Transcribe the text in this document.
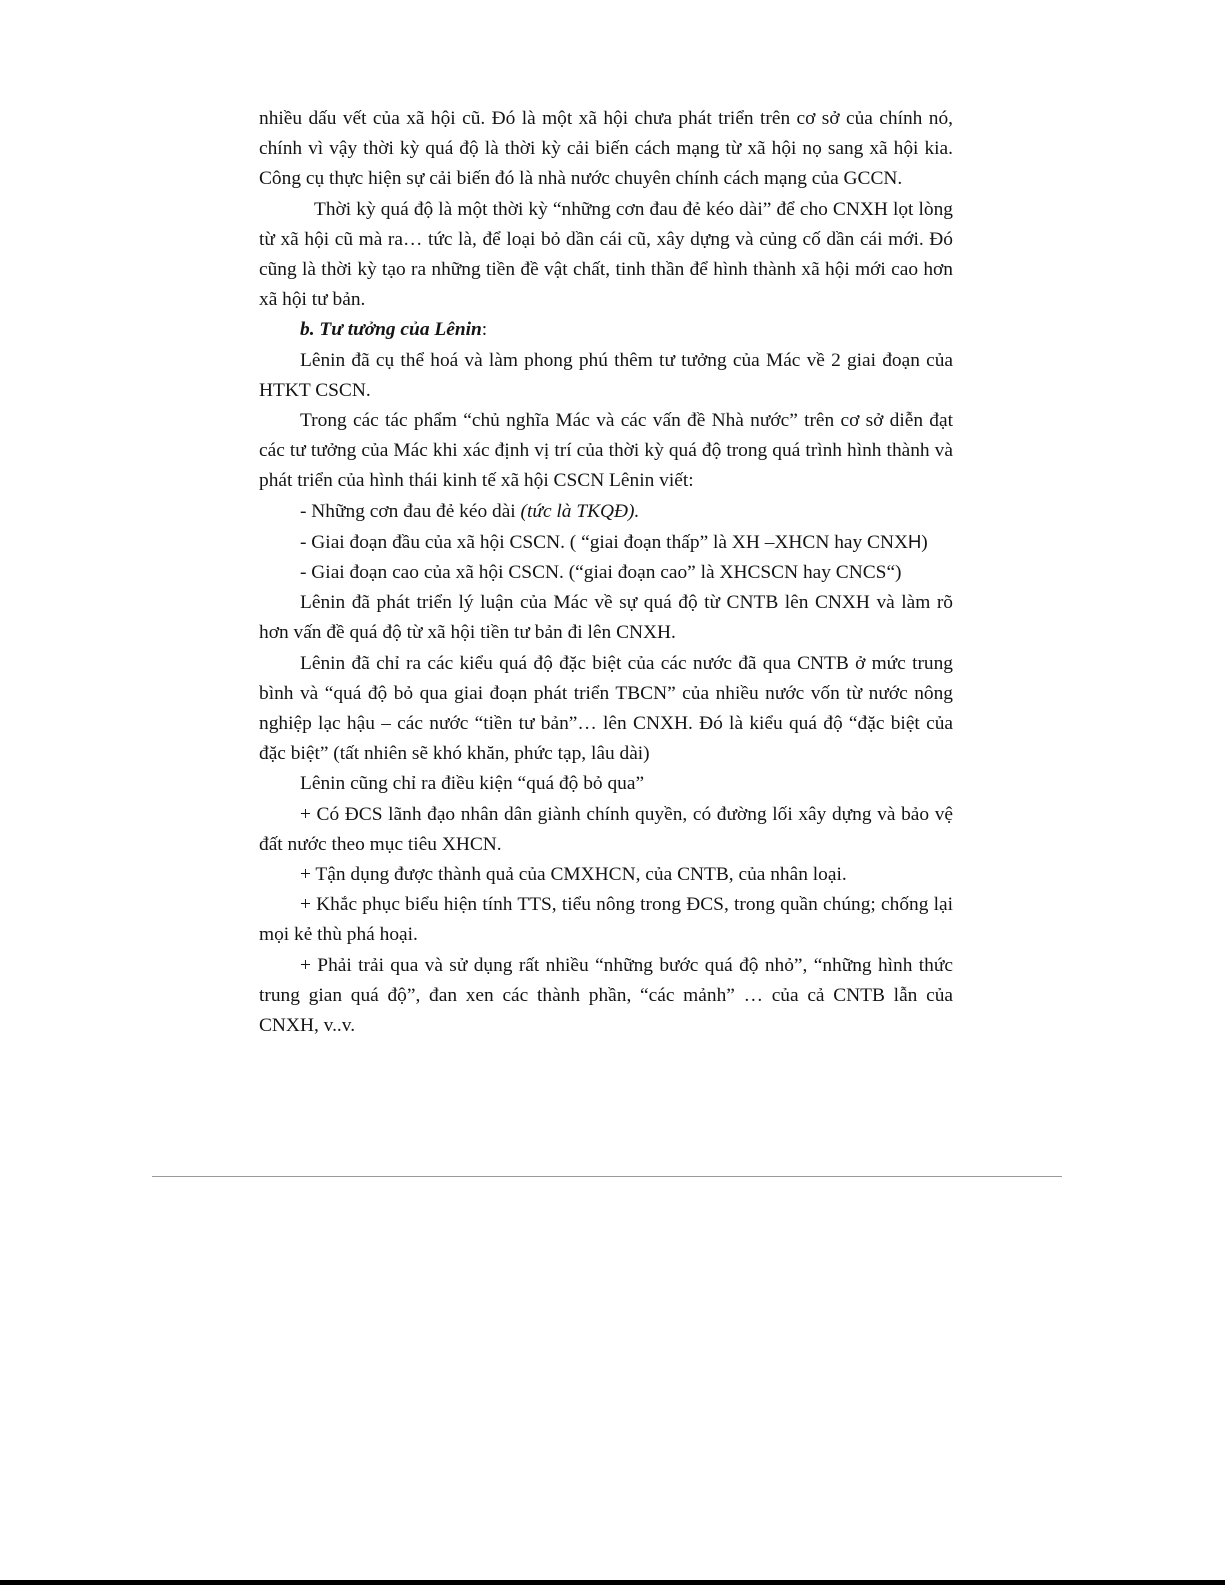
nhiều dấu vết của xã hội cũ. Đó là một xã hội chưa phát triển trên cơ sở của chính nó, chính vì vậy thời kỳ quá độ là thời kỳ cải biến cách mạng từ xã hội nọ sang xã hội kia. Công cụ thực hiện sự cải biến đó là nhà nước chuyên chính cách mạng của GCCN.

Thời kỳ quá độ là một thời kỳ “những cơn đau đẻ kéo dài” để cho CNXH lọt lòng từ xã hội cũ mà ra… tức là, để loại bỏ dần cái cũ, xây dựng và củng cố dần cái mới. Đó cũng là thời kỳ tạo ra những tiền đề vật chất, tinh thần để hình thành xã hội mới cao hơn xã hội tư bản.

b. Tư tưởng của Lênin:

Lênin đã cụ thể hoá và làm phong phú thêm tư tưởng của Mác về 2 giai đoạn của HTKT CSCN.

Trong các tác phẩm “chủ nghĩa Mác và các vấn đề Nhà nước” trên cơ sở diễn đạt các tư tưởng của Mác khi xác định vị trí của thời kỳ quá độ trong quá trình hình thành và phát triển của hình thái kinh tế xã hội CSCN Lênin viết:

- Những cơn đau đẻ kéo dài (tức là TKQĐ).

- Giai đoạn đầu của xã hội CSCN. ( “giai đoạn thấp” là XH –XHCN hay CNXH)

- Giai đoạn cao của xã hội CSCN. (“giai đoạn cao” là XHCSCN hay CNCS“)

Lênin đã phát triển lý luận của Mác về sự quá độ từ CNTB lên CNXH và làm rõ hơn vấn đề quá độ từ xã hội tiền tư bản đi lên CNXH.

Lênin đã chỉ ra các kiểu quá độ đặc biệt của các nước đã qua CNTB ở mức trung bình và “quá độ bỏ qua giai đoạn phát triển TBCN” của nhiều nước vốn từ nước nông nghiệp lạc hậu – các nước “tiền tư bản”… lên CNXH. Đó là kiểu quá độ “đặc biệt của đặc biệt” (tất nhiên sẽ khó khăn, phức tạp, lâu dài)

Lênin cũng chỉ ra điều kiện “quá độ bỏ qua”

+ Có ĐCS lãnh đạo nhân dân giành chính quyền, có đường lối xây dựng và bảo vệ đất nước theo mục tiêu XHCN.

+ Tận dụng được thành quả của CMXHCN, của CNTB, của nhân loại.

+ Khắc phục biểu hiện tính TTS, tiểu nông trong ĐCS, trong quần chúng; chống lại mọi kẻ thù phá hoại.

+ Phải trải qua và sử dụng rất nhiều “những bước quá độ nhỏ”, “những hình thức trung gian quá độ”, đan xen các thành phần, “các mảnh” … của cả CNTB lẫn của CNXH, v..v.
